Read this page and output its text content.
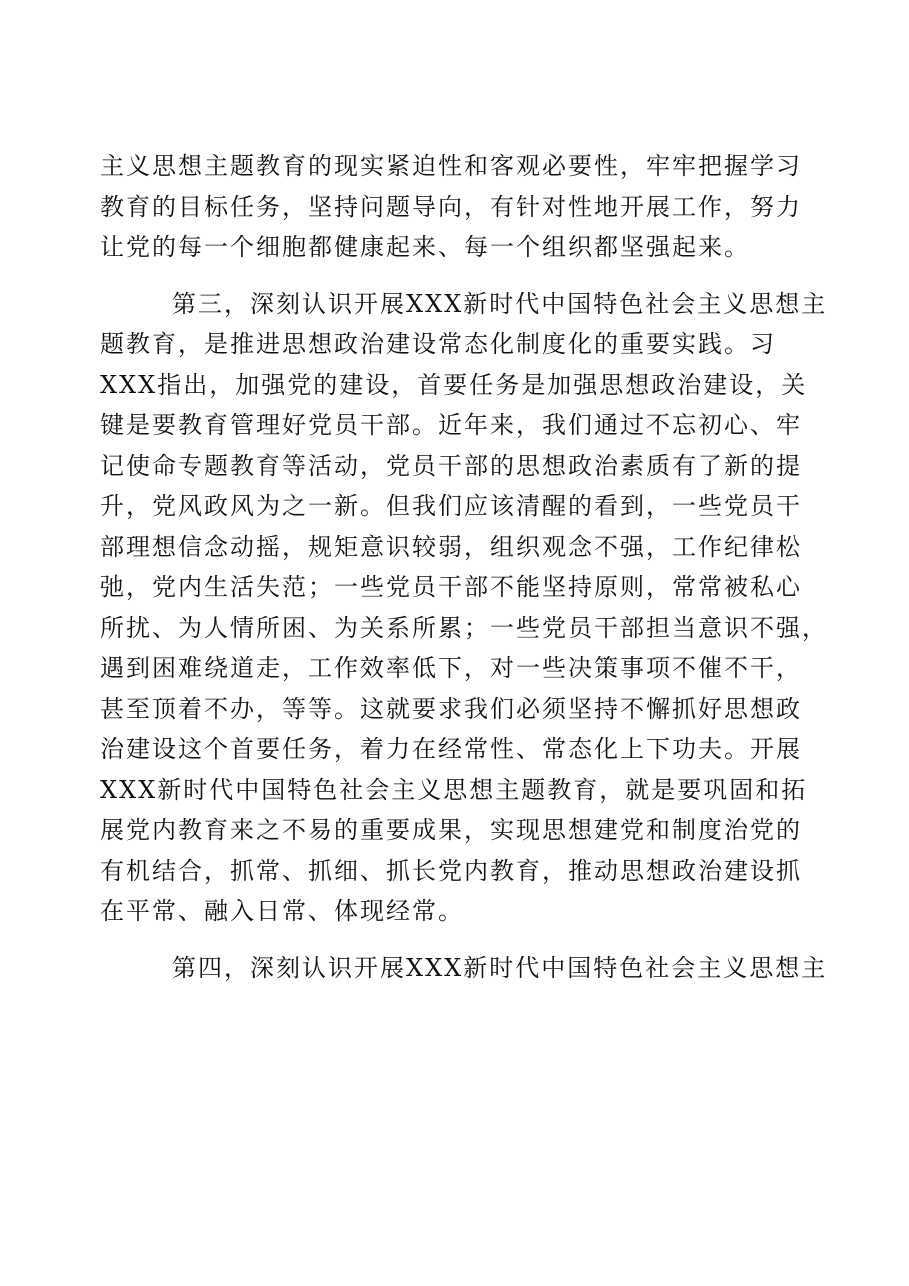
主义思想主题教育的现实紧迫性和客观必要性，牢牢把握学习
教育的目标任务，坚持问题导向，有针对性地开展工作，努力
让党的每一个细胞都健康起来、每一个组织都坚强起来。
第三，深刻认识开展XXX新时代中国特色社会主义思想主
题教育，是推进思想政治建设常态化制度化的重要实践。习
XXX指出，加强党的建设，首要任务是加强思想政治建设，关
键是要教育管理好党员干部。近年来，我们通过不忘初心、牢
记使命专题教育等活动，党员干部的思想政治素质有了新的提
升，党风政风为之一新。但我们应该清醒的看到，一些党员干
部理想信念动摇，规矩意识较弱，组织观念不强，工作纪律松
弛，党内生活失范；一些党员干部不能坚持原则，常常被私心
所扰、为人情所困、为关系所累；一些党员干部担当意识不强，
遇到困难绕道走，工作效率低下，对一些决策事项不催不干，
甚至顶着不办，等等。这就要求我们必须坚持不懈抓好思想政
治建设这个首要任务，着力在经常性、常态化上下功夫。开展
XXX新时代中国特色社会主义思想主题教育，就是要巩固和拓
展党内教育来之不易的重要成果，实现思想建党和制度治党的
有机结合，抓常、抓细、抓长党内教育，推动思想政治建设抓
在平常、融入日常、体现经常。
第四，深刻认识开展XXX新时代中国特色社会主义思想主
